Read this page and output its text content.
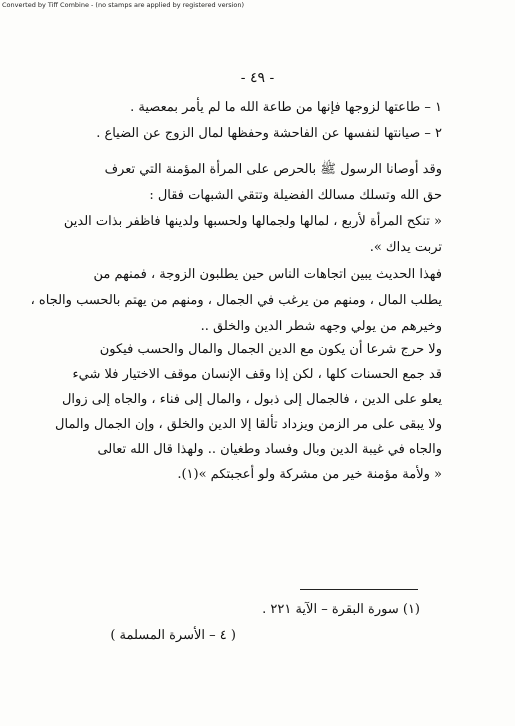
Converted by Tiff Combine - (no stamps are applied by registered version)
- ٤٩ -
١ – طاعتها لزوجها فإنها من طاعة الله ما لم يأمر بمعصية .
٢ – صيانتها لنفسها عن الفاحشة وحفظها لمال الزوج عن الضياع .
وقد أوصانا الرسول ﷺ بالحرص على المرأة المؤمنة التي تعرف
حق الله وتسلك مسالك الفضيلة وتتقي الشبهات فقال :
« تنكح المرأة لأربع ، لمالها ولجمالها ولحسبها ولدينها فاظفر بذات الدين
تربت يداك ».
فهذا الحديث يبين اتجاهات الناس حين يطلبون الزوجة ، فمنهم من
يطلب المال ، ومنهم من يرغب في الجمال ، ومنهم من يهتم بالحسب والجاه ،
وخيرهم من يولي وجهه شطر الدين والخلق ..
ولا حرج شرعا أن يكون مع الدين الجمال والمال والحسب فيكون
قد جمع الحسنات كلها ، لكن إذا وقف الإنسان موقف الاختيار فلا شيء
يعلو على الدين ، فالجمال إلى ذبول ، والمال إلى فناء ، والجاه إلى زوال
ولا يبقى على مر الزمن ويزداد تألقا إلا الدين والخلق ، وإن الجمال والمال
والجاه في غيبة الدين وبال وفساد وطغيان .. ولهذا قال الله تعالى
« ولأمة مؤمنة خير من مشركة ولو أعجبتكم »(١).
(١) سورة البقرة – الآية ٢٢١ .
( ٤ – الأسرة المسلمة )
